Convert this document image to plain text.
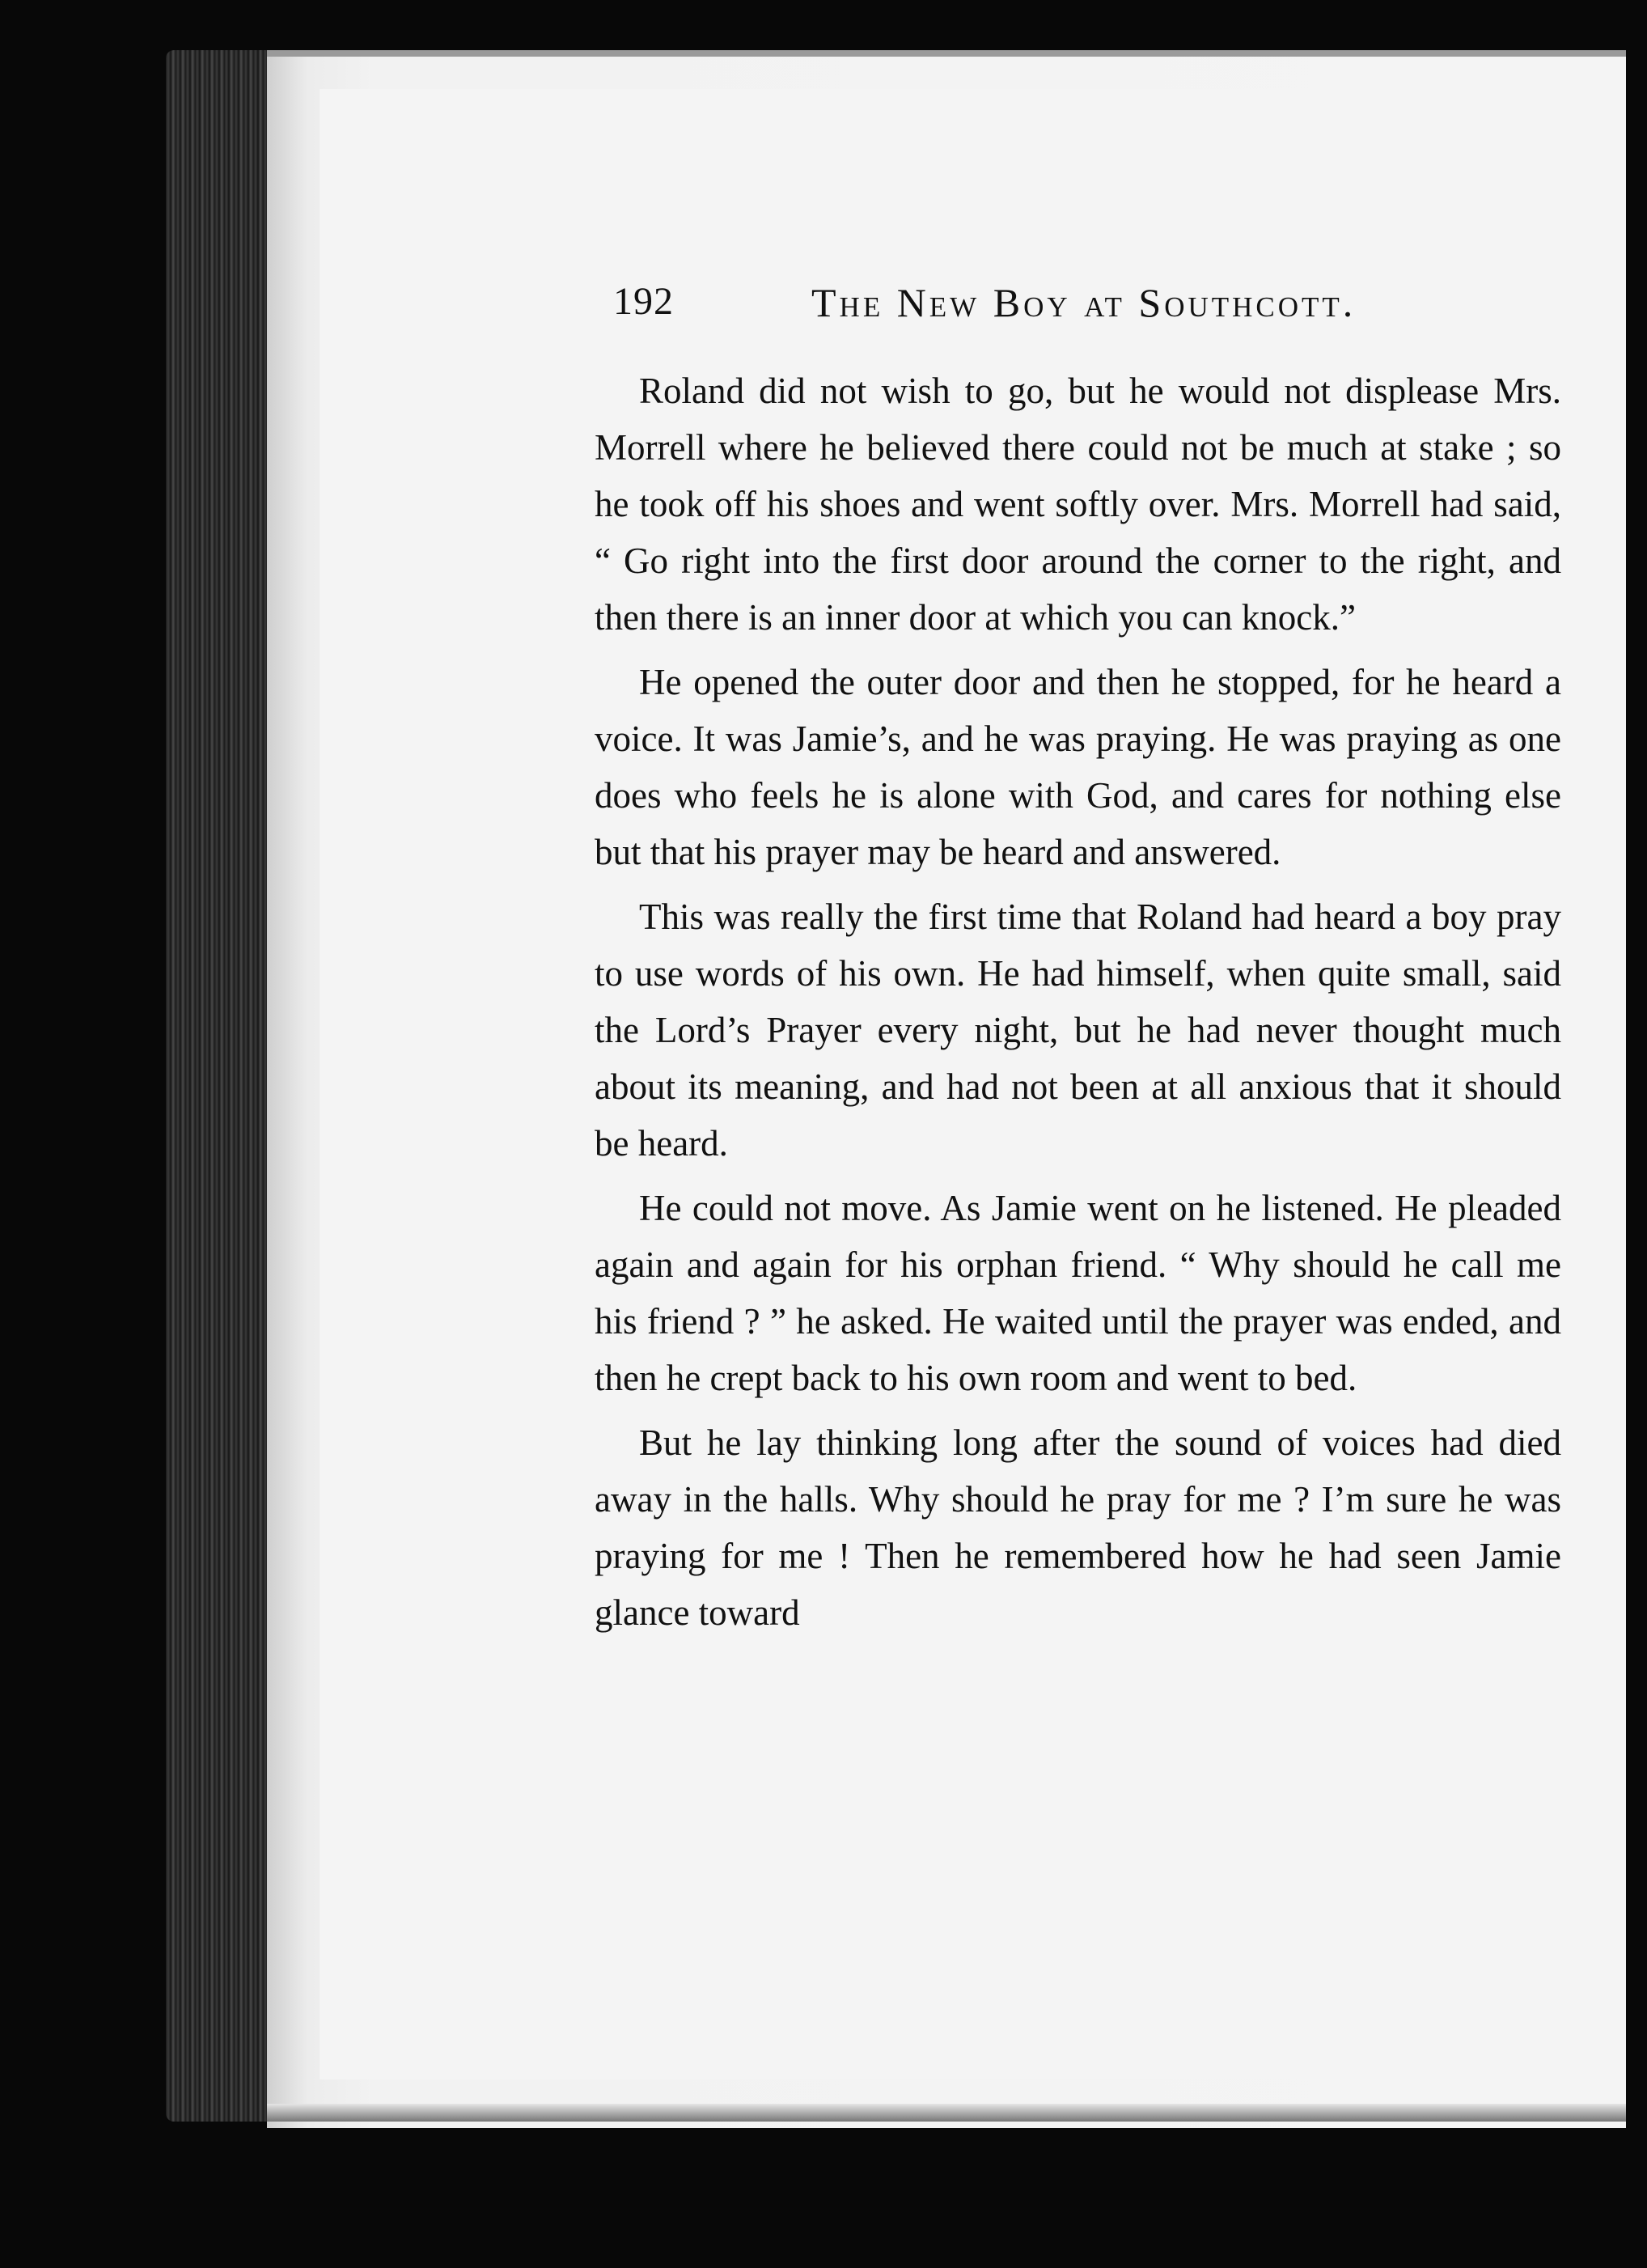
192	The New Boy at Southcott.

Roland did not wish to go, but he would not displease Mrs. Morrell where he believed there could not be much at stake ; so he took off his shoes and went softly over. Mrs. Morrell had said, “ Go right into the first door around the corner to the right, and then there is an inner door at which you can knock.”

He opened the outer door and then he stopped, for he heard a voice. It was Jamie’s, and he was praying. He was praying as one does who feels he is alone with God, and cares for nothing else but that his prayer may be heard and answered.

This was really the first time that Roland had heard a boy pray to use words of his own. He had himself, when quite small, said the Lord’s Prayer every night, but he had never thought much about its meaning, and had not been at all anxious that it should be heard.

He could not move. As Jamie went on he listened. He pleaded again and again for his orphan friend. “ Why should he call me his friend ? ” he asked. He waited until the prayer was ended, and then he crept back to his own room and went to bed.

But he lay thinking long after the sound of voices had died away in the halls. Why should he pray for me ? I’m sure he was praying for me ! Then he remembered how he had seen Jamie glance toward
